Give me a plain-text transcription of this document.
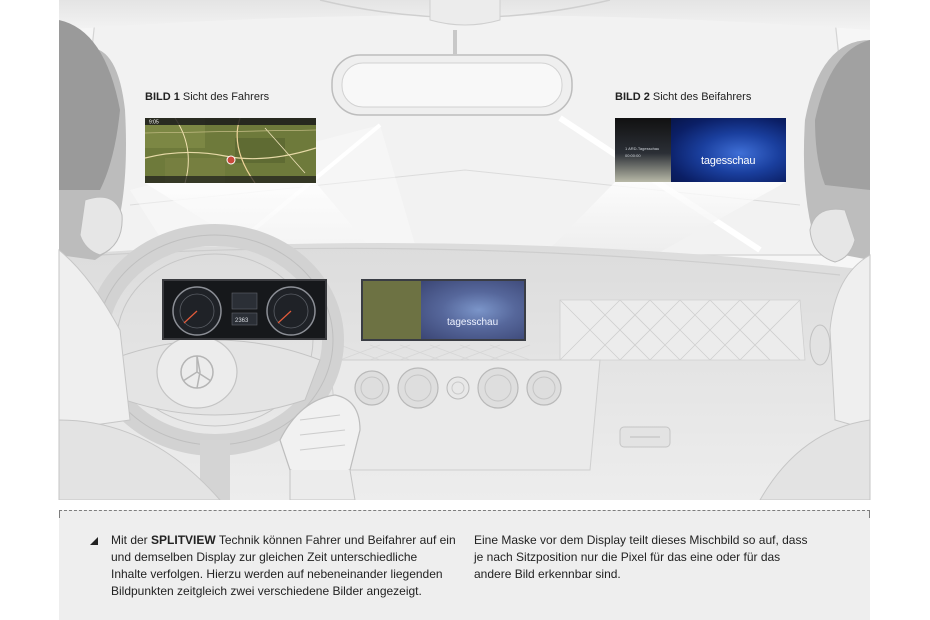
BILD 1 Sicht des Fahrers	BILD 2 Sicht des Beifahrers
9:05
1 ARD-Tagesschau
00:00:00	tagesschau
2363	tagesschau

Mit der SPLITVIEW Technik können Fahrer und Beifahrer auf ein und demselben Display zur gleichen Zeit unterschiedliche Inhalte verfolgen. Hierzu werden auf nebeneinander liegenden Bildpunkten zeitgleich zwei verschiedene Bilder angezeigt.

Eine Maske vor dem Display teilt dieses Mischbild so auf, dass je nach Sitzposition nur die Pixel für das eine oder für das andere Bild erkennbar sind.
